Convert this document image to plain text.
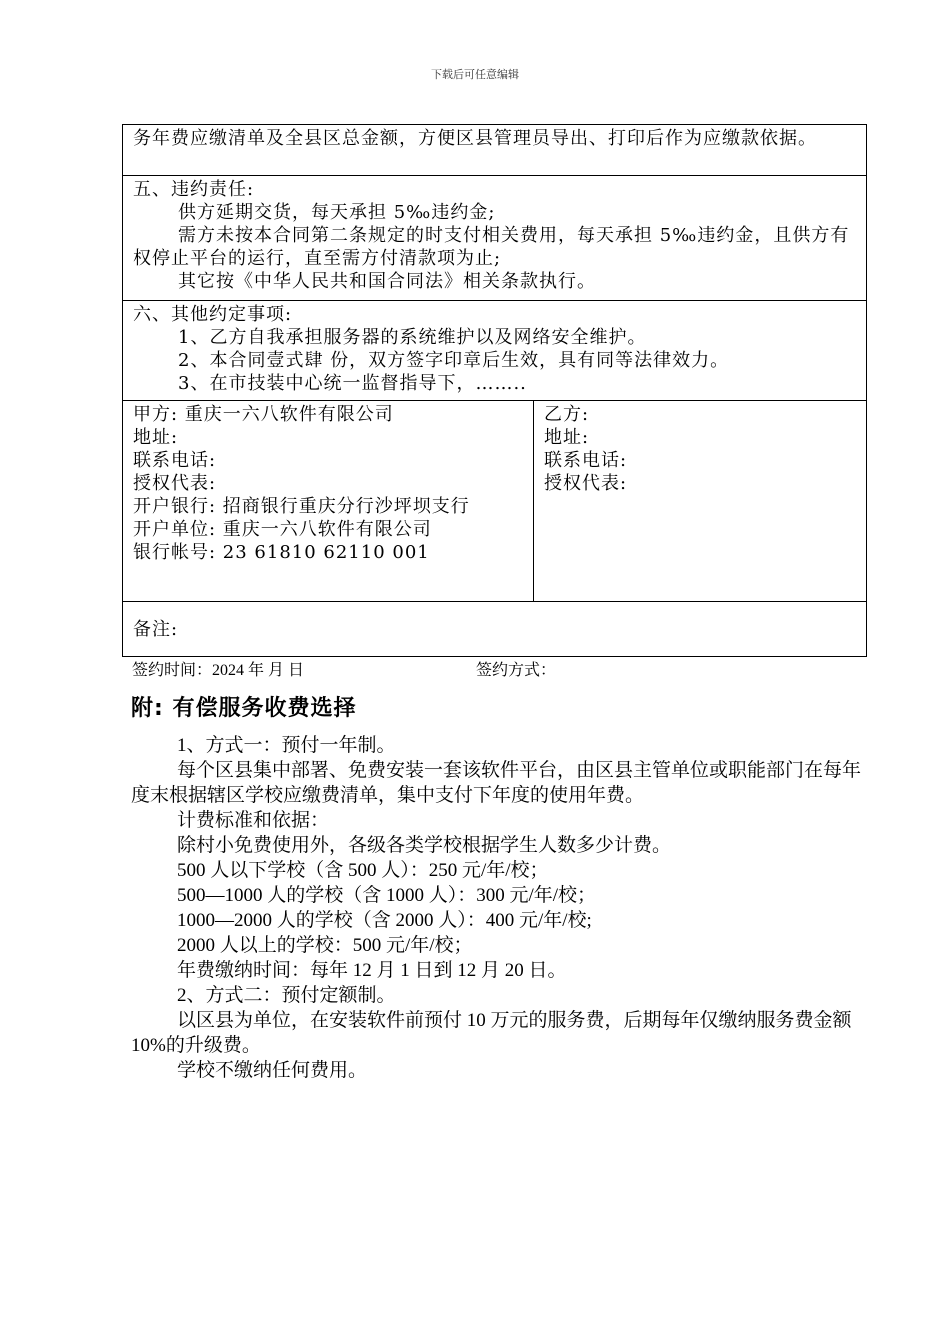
下载后可任意编辑

务年费应缴清单及全县区总金额，方便区县管理员导出、打印后作为应缴款依据。

五、违约责任:

供方延期交货，每天承担 5‰违约金;

需方未按本合同第二条规定的时支付相关费用，每天承担 5‰违约金，且供方有权停止平台的运行，直至需方付清款项为止;

其它按《中华人民共和国合同法》相关条款执行。

六、其他约定事项:

1、乙方自我承担服务器的系统维护以及网络安全维护。

2、本合同壹式肆 份，双方签字印章后生效，具有同等法律效力。

3、在市技装中心统一监督指导下，……..

甲方: 重庆一六八软件有限公司

地址:

联系电话:

授权代表:

开户银行: 招商银行重庆分行沙坪坝支行

开户单位: 重庆一六八软件有限公司

银行帐号: 23 61810 62110 001

乙方:

地址:

联系电话:

授权代表:

备注:

签约时间：2024 年 月 日	签约方式：
附: 有偿服务收费选择

1、方式一：预付一年制。

每个区县集中部署、免费安装一套该软件平台，由区县主管单位或职能部门在每年度末根据辖区学校应缴费清单，集中支付下年度的使用年费。

计费标准和依据：

除村小免费使用外，各级各类学校根据学生人数多少计费。

500 人以下学校（含 500 人）：250 元/年/校；

500—1000 人的学校（含 1000 人）：300 元/年/校；

1000—2000 人的学校（含 2000 人）：400 元/年/校;

2000 人以上的学校：500 元/年/校；

年费缴纳时间：每年 12 月 1 日到 12 月 20 日。

2、方式二：预付定额制。

以区县为单位，在安装软件前预付 10 万元的服务费，后期每年仅缴纳服务费金额 10%的升级费。

学校不缴纳任何费用。
